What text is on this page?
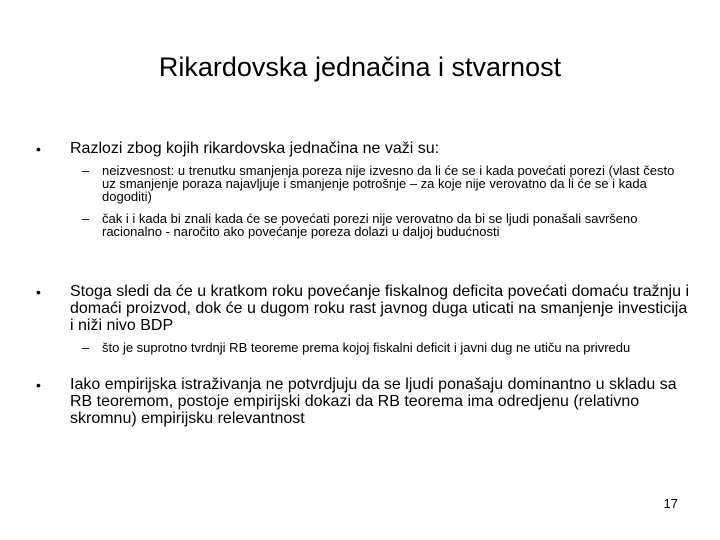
Rikardovska jednačina i stvarnost
• Razlozi zbog kojih rikardovska jednačina ne važi su:
– neizvesnost: u trenutku smanjenja poreza nije izvesno da li će se i kada povećati porezi (vlast često uz smanjenje poraza najavljuje i smanjenje potrošnje – za koje nije verovatno da li će se i kada dogoditi)
– čak i i kada bi znali kada će se povećati porezi nije verovatno da bi se ljudi ponašali savršeno racionalno - naročito ako povećanje poreza dolazi u daljoj budućnosti
• Stoga sledi da će u kratkom roku povećanje fiskalnog deficita povećati domaću tražnju i domaći proizvod, dok će u dugom roku rast javnog duga uticati na smanjenje investicija i niži nivo BDP
– što je suprotno tvrdnji RB teoreme prema kojoj fiskalni deficit i javni dug ne utiču na privredu
• Iako empirijska istraživanja ne potvrdjuju da se ljudi ponašaju dominantno u skladu sa RB teoremom, postoje empirijski dokazi da RB teorema ima odredjenu (relativno skromnu) empirijsku relevantnost
17
